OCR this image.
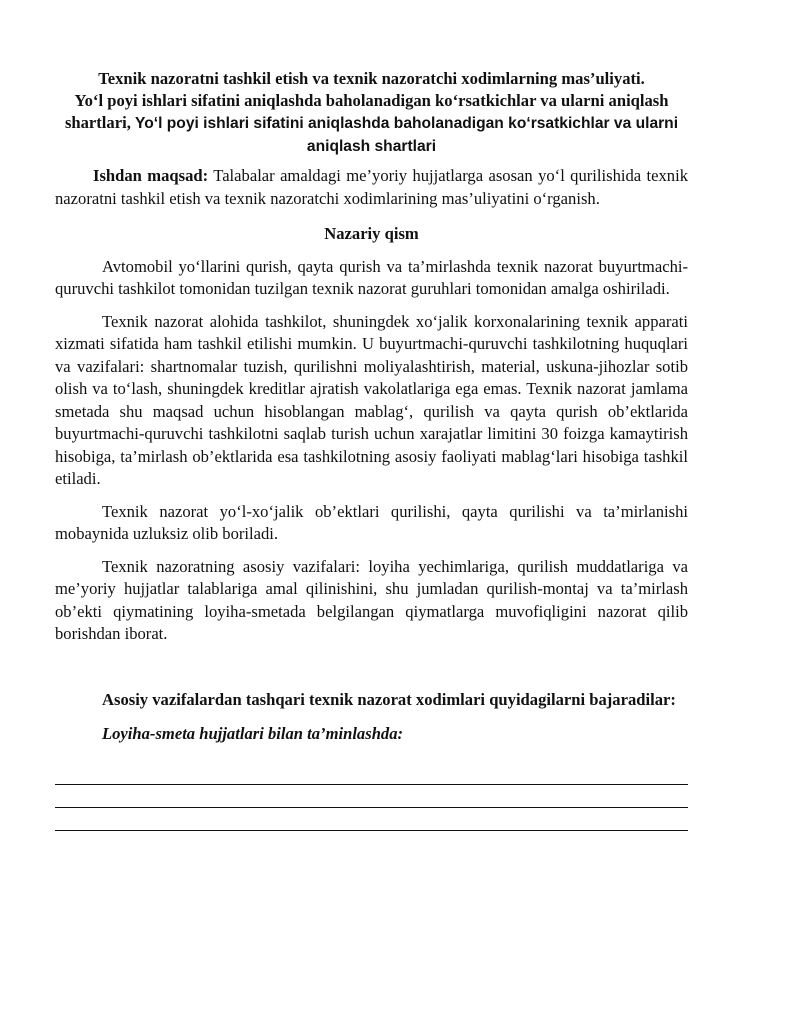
Texnik nazoratni tashkil etish va texnik nazoratchi xodimlarning mas’uliyati.
Yo‘l poyi ishlari sifatini aniqlashda baholanadigan ko‘rsatkichlar va ularni aniqlash shartlari, Yoʻl poyi ishlari sifatini aniqlashda baholanadigan koʻrsatkichlar va ularni aniqlash shartlari

Ishdan maqsad: Talabalar amaldagi me’yoriy hujjatlarga asosan yo‘l qurilishida texnik nazoratni tashkil etish va texnik nazoratchi xodimlarining mas’uliyatini o‘rganish.

Nazariy qism

Avtomobil yo‘llarini qurish, qayta qurish va ta’mirlashda texnik nazorat buyurtmachi-quruvchi tashkilot tomonidan tuzilgan texnik nazorat guruhlari tomonidan amalga oshiriladi.

Texnik nazorat alohida tashkilot, shuningdek xo‘jalik korxonalarining texnik apparati xizmati sifatida ham tashkil etilishi mumkin. U buyurtmachi-quruvchi tashkilotning huquqlari va vazifalari: shartnomalar tuzish, qurilishni moliyalashtirish, material, uskuna-jihozlar sotib olish va to‘lash, shuningdek kreditlar ajratish vakolatlariga ega emas. Texnik nazorat jamlama smetada shu maqsad uchun hisoblangan mablag‘, qurilish va qayta qurish ob’ektlarida buyurtmachi-quruvchi tashkilotni saqlab turish uchun xarajatlar limitini 30 foizga kamaytirish hisobiga, ta’mirlash ob’ektlarida esa tashkilotning asosiy faoliyati mablag‘lari hisobiga tashkil etiladi.

Texnik nazorat yo‘l-xo‘jalik ob’ektlari qurilishi, qayta qurilishi va ta’mirlanishi mobaynida uzluksiz olib boriladi.

Texnik nazoratning asosiy vazifalari: loyiha yechimlariga, qurilish muddatlariga va me’yoriy hujjatlar talablariga amal qilinishini, shu jumladan qurilish-montaj va ta’mirlash ob’ekti qiymatining loyiha-smetada belgilangan qiymatlarga muvofiqligini nazorat qilib borishdan iborat.

Asosiy vazifalardan tashqari texnik nazorat xodimlari quyidagilarni bajaradilar:

Loyiha-smeta hujjatlari bilan ta’minlashda:
